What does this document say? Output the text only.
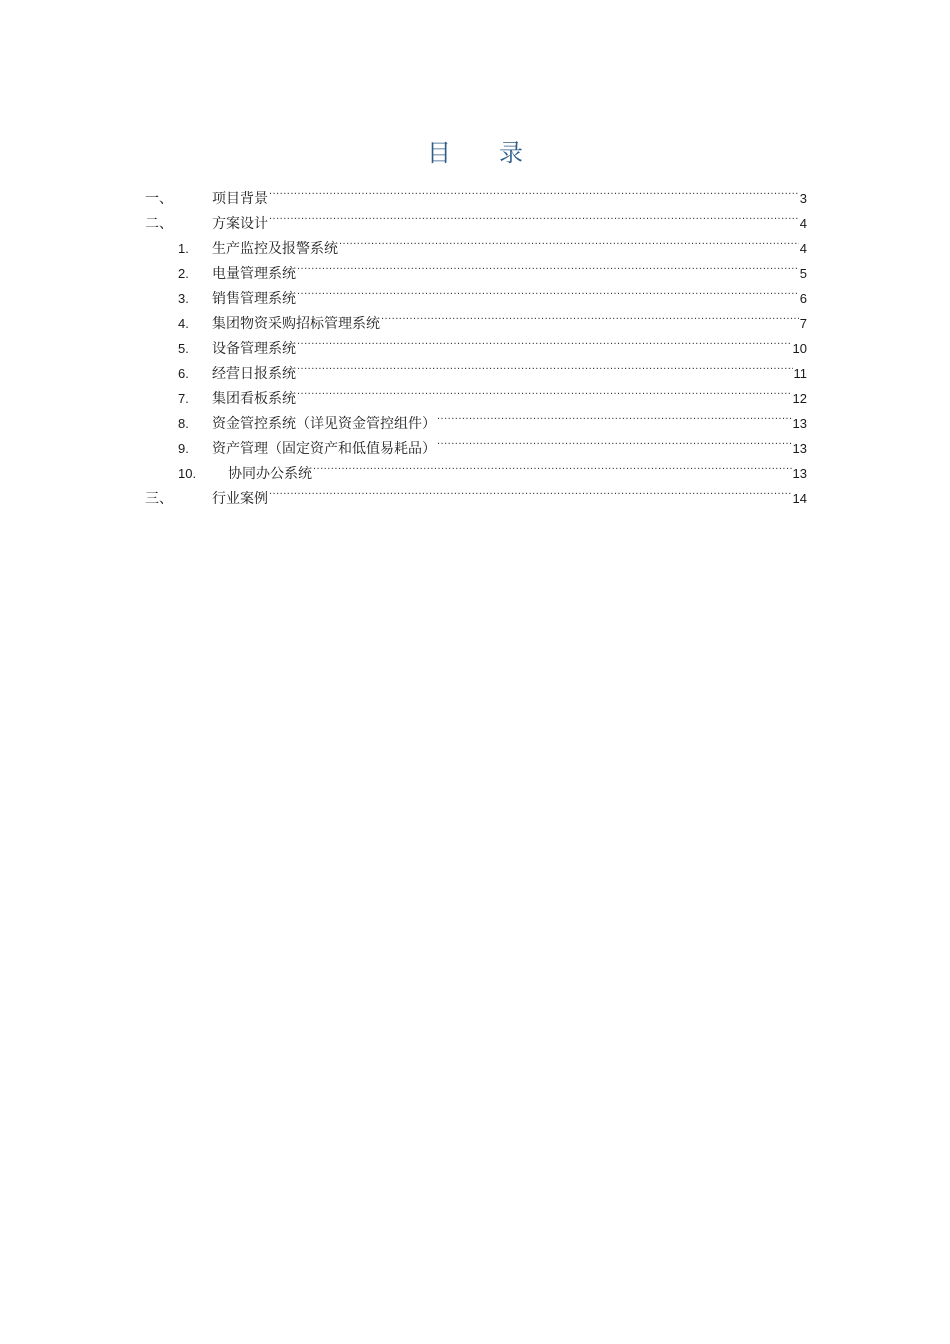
目 录
一、	项目背景 .....	3
二、	方案设计 .....	4
1.	生产监控及报警系统 .....	4
2.	电量管理系统 .....	5
3.	销售管理系统 .....	6
4.	集团物资采购招标管理系统 .....	7
5.	设备管理系统 .....	10
6.	经营日报系统 .....	11
7.	集团看板系统 .....	12
8.	资金管控系统（详见资金管控组件） .....	13
9.	资产管理（固定资产和低值易耗品） .....	13
10.	协同办公系统 .....	13
三、	行业案例 .....	14
